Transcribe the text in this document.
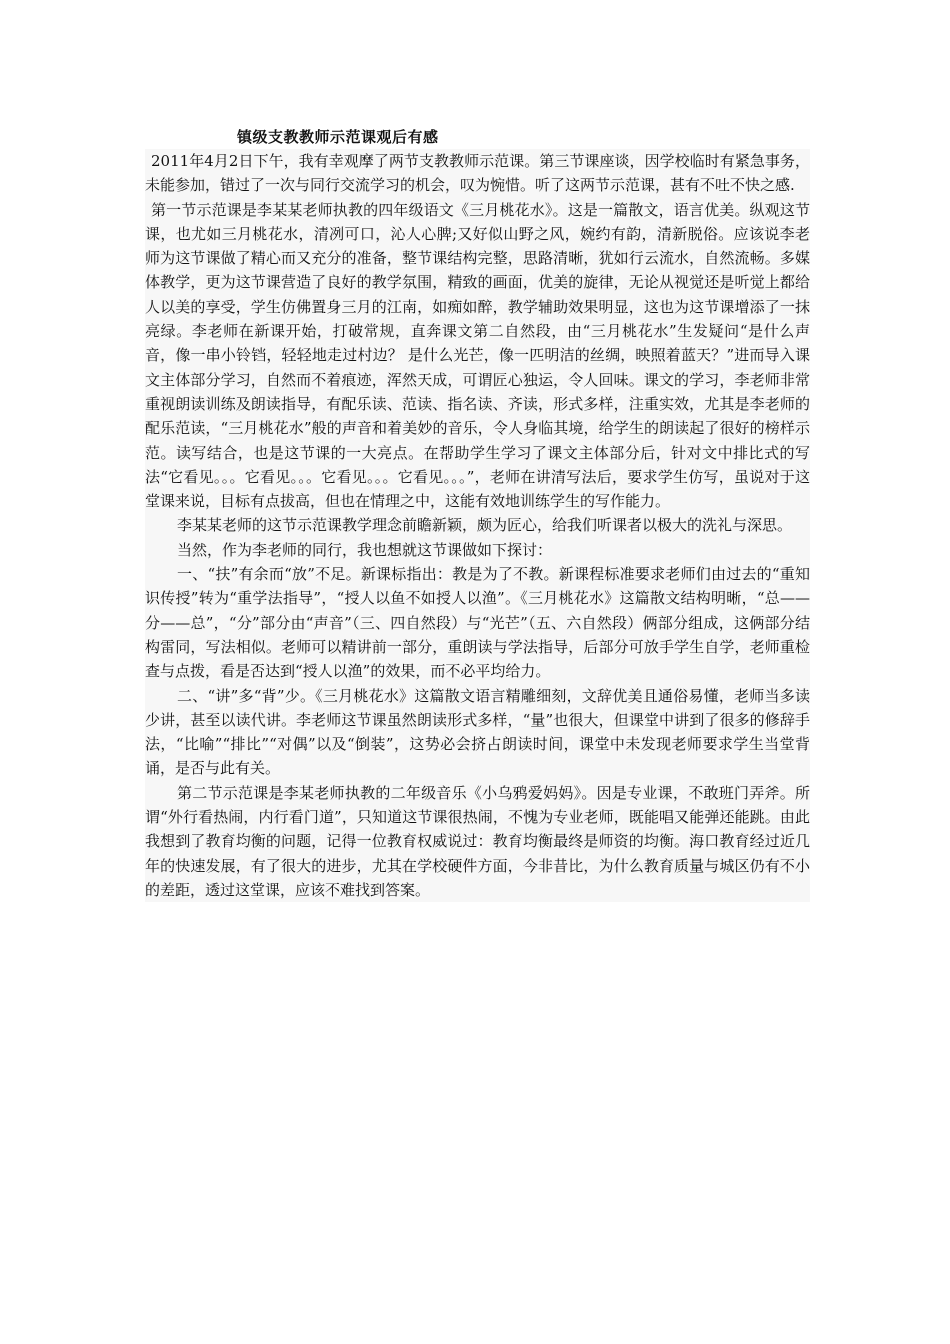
镇级支教教师示范课观后有感

2011年4月2日下午，我有幸观摩了两节支教教师示范课。第三节课座谈，因学校临时有紧急事务，未能参加，错过了一次与同行交流学习的机会，叹为惋惜。听了这两节示范课，甚有不吐不快之感.

第一节示范课是李某某老师执教的四年级语文《三月桃花水》。这是一篇散文，语言优美。纵观这节课，也尤如三月桃花水，清冽可口，沁人心脾;又好似山野之风，婉约有韵，清新脱俗。应该说李老师为这节课做了精心而又充分的准备，整节课结构完整，思路清晰，犹如行云流水，自然流畅。多媒体教学，更为这节课营造了良好的教学氛围，精致的画面，优美的旋律，无论从视觉还是听觉上都给人以美的享受，学生仿佛置身三月的江南，如痴如醉，教学辅助效果明显，这也为这节课增添了一抹亮绿。李老师在新课开始，打破常规，直奔课文第二自然段，由“三月桃花水”生发疑问“是什么声音，像一串小铃铛，轻轻地走过村边？ 是什么光芒，像一匹明洁的丝绸，映照着蓝天？”进而导入课文主体部分学习，自然而不着痕迹，浑然天成，可谓匠心独运，令人回味。课文的学习，李老师非常重视朗读训练及朗读指导，有配乐读、范读、指名读、齐读，形式多样，注重实效，尤其是李老师的配乐范读，“三月桃花水”般的声音和着美妙的音乐，令人身临其境，给学生的朗读起了很好的榜样示范。读写结合，也是这节课的一大亮点。在帮助学生学习了课文主体部分后，针对文中排比式的写法“它看见。。。它看见。。。它看见。。。它看见。。。”，老师在讲清写法后，要求学生仿写，虽说对于这堂课来说，目标有点拔高，但也在情理之中，这能有效地训练学生的写作能力。

李某某老师的这节示范课教学理念前瞻新颖，颇为匠心，给我们听课者以极大的洗礼与深思。

当然，作为李老师的同行，我也想就这节课做如下探讨：

一、“扶”有余而“放”不足。新课标指出：教是为了不教。新课程标准要求老师们由过去的“重知识传授”转为“重学法指导”，“授人以鱼不如授人以渔”。《三月桃花水》这篇散文结构明晰，“总——分——总”，“分”部分由“声音”（三、四自然段）与“光芒”（五、六自然段）俩部分组成，这俩部分结构雷同，写法相似。老师可以精讲前一部分，重朗读与学法指导，后部分可放手学生自学，老师重检查与点拨，看是否达到“授人以渔”的效果，而不必平均给力。

二、“讲”多“背”少。《三月桃花水》这篇散文语言精雕细刻，文辞优美且通俗易懂，老师当多读少讲，甚至以读代讲。李老师这节课虽然朗读形式多样，“量”也很大，但课堂中讲到了很多的修辞手法，“比喻”“排比”“对偶”以及“倒装”，这势必会挤占朗读时间，课堂中未发现老师要求学生当堂背诵，是否与此有关。

第二节示范课是李某老师执教的二年级音乐《小乌鸦爱妈妈》。因是专业课，不敢班门弄斧。所谓“外行看热闹，内行看门道”，只知道这节课很热闹，不愧为专业老师，既能唱又能弹还能跳。由此我想到了教育均衡的问题，记得一位教育权威说过：教育均衡最终是师资的均衡。海口教育经过近几年的快速发展，有了很大的进步，尤其在学校硬件方面，今非昔比，为什么教育质量与城区仍有不小的差距，透过这堂课，应该不难找到答案。
